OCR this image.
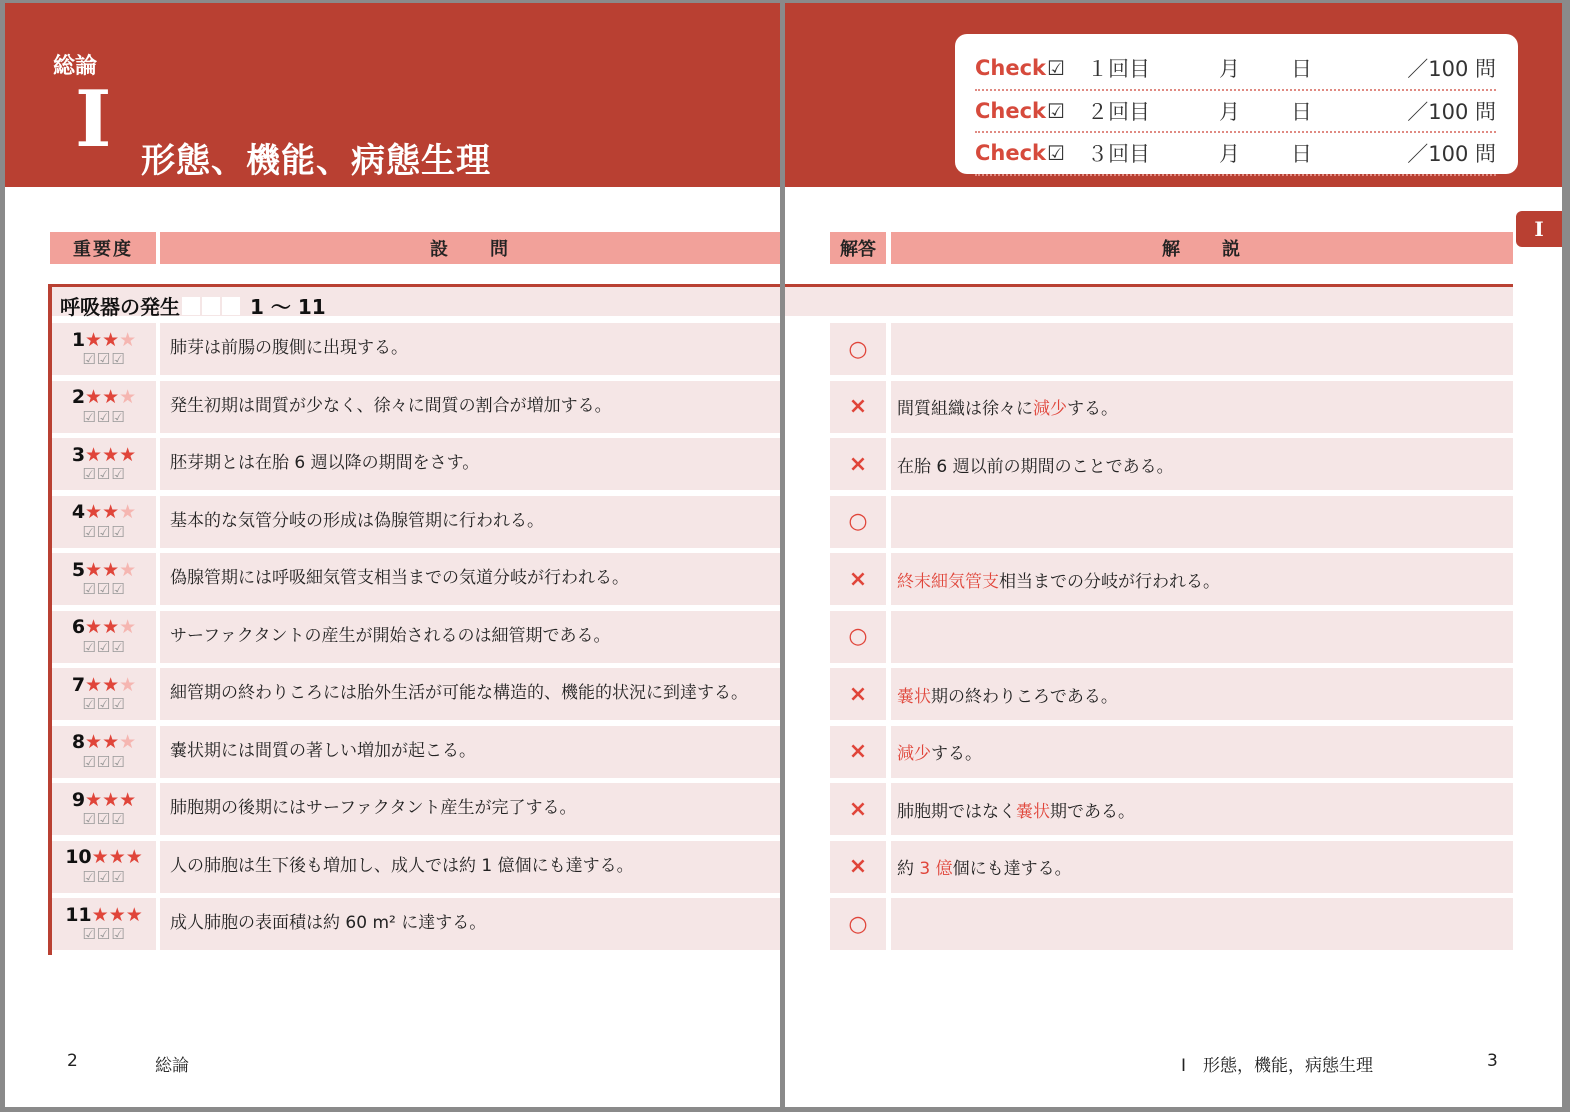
総論
I 形態、機能、病態生理
重要度	設　　問
呼吸器の発生	1 ～ 11
1 ★ ★ ★
☑☑☑
肺芽は前腸の腹側に出現する。
2 ★ ★ ★
☑☑☑
発生初期は間質が少なく、徐々に間質の割合が増加する。
3 ★ ★ ★
☑☑☑
胚芽期とは在胎 6 週以降の期間をさす。
4 ★ ★ ★
☑☑☑
基本的な気管分岐の形成は偽腺管期に行われる。
5 ★ ★ ★
☑☑☑
偽腺管期には呼吸細気管支相当までの気道分岐が行われる。
6 ★ ★ ★
☑☑☑
サーファクタントの産生が開始されるのは細管期である。
7 ★ ★ ★
☑☑☑
細管期の終わりころには胎外生活が可能な構造的、機能的状況に到達する。
8 ★ ★ ★
☑☑☑
嚢状期には間質の著しい増加が起こる。
9 ★ ★ ★
☑☑☑
肺胞期の後期にはサーファクタント産生が完了する。
10 ★ ★ ★
☑☑☑
人の肺胞は生下後も増加し、成人では約 1 億個にも達する。
11 ★ ★ ★
☑☑☑
成人肺胞の表面積は約 60 m² に達する。
2	総論
Check ☑	１回目	月	日	／100 問
Check ☑	２回目	月	日	／100 問
Check ☑	３回目	月	日	／100 問
I
解答	解　　説
○
× 間質組織は徐々に 減少 する。
× 在胎 6 週以前の期間のことである。
○
× 終末細気管支 相当までの分岐が行われる。
○
× 嚢状 期の終わりころである。
× 減少 する。
× 肺胞期ではなく 嚢状 期である。
× 約 3 億 個にも達する。
○
I　形態，機能，病態生理	3
